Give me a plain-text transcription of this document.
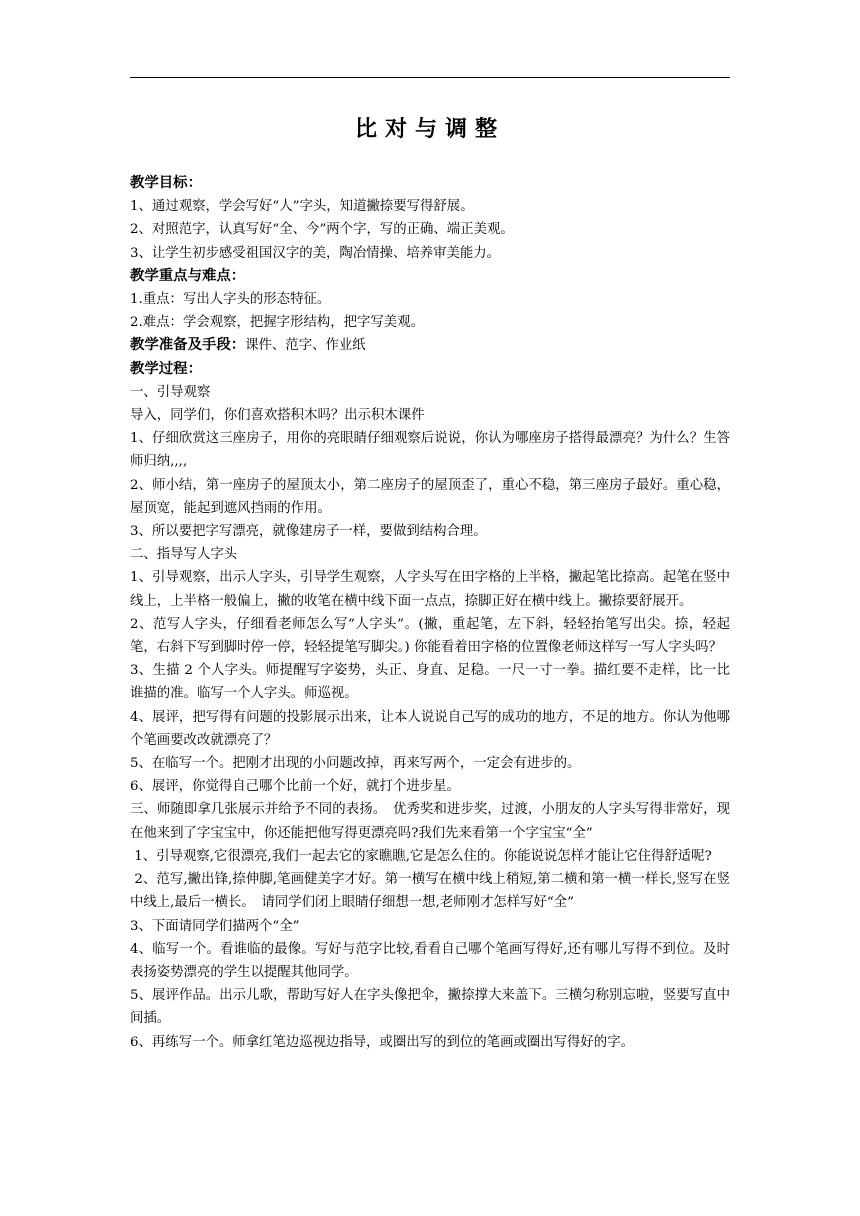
比对与调整

教学目标：

1、通过观察，学会写好“人”字头，知道撇捺要写得舒展。

2、对照范字，认真写好“全、今”两个字，写的正确、端正美观。

3、让学生初步感受祖国汉字的美，陶冶情操、培养审美能力。

教学重点与难点：

1.重点：写出人字头的形态特征。

2.难点：学会观察，把握字形结构，把字写美观。

教学准备及手段：课件、范字、作业纸

教学过程：

一、引导观察

导入，同学们，你们喜欢搭积木吗？出示积木课件

1、仔细欣赏这三座房子，用你的亮眼睛仔细观察后说说，你认为哪座房子搭得最漂亮？为什么？生答　师归纳,,,,

2、师小结，第一座房子的屋顶太小，第二座房子的屋顶歪了，重心不稳，第三座房子最好。重心稳，屋顶宽，能起到遮风挡雨的作用。

3、所以要把字写漂亮，就像建房子一样，要做到结构合理。

二、指导写人字头

1、引导观察，出示人字头，引导学生观察，人字头写在田字格的上半格，撇起笔比捺高。起笔在竖中线上，上半格一般偏上，撇的收笔在横中线下面一点点，捺脚正好在横中线上。撇捺要舒展开。

2、范写人字头，仔细看老师怎么写“人字头”。(撇，重起笔，左下斜，轻轻抬笔写出尖。捺，轻起笔，右斜下写到脚时停一停，轻轻提笔写脚尖。) 你能看着田字格的位置像老师这样写一写人字头吗？

3、生描 2 个人字头。师提醒写字姿势，头正、身直、足稳。一尺一寸一拳。描红要不走样，比一比谁描的准。临写一个人字头。师巡视。

4、展评，把写得有问题的投影展示出来，让本人说说自己写的成功的地方，不足的地方。你认为他哪个笔画要改改就漂亮了？

5、在临写一个。把刚才出现的小问题改掉，再来写两个，一定会有进步的。

6、展评，你觉得自己哪个比前一个好，就打个进步星。

三、师随即拿几张展示并给予不同的表扬。　优秀奖和进步奖，过渡，小朋友的人字头写得非常好，现在他来到了字宝宝中，你还能把他写得更漂亮吗?我们先来看第一个字宝宝“全”

1、引导观察,它很漂亮,我们一起去它的家瞧瞧,它是怎么住的。你能说说怎样才能让它住得舒适呢?

2、范写,撇出锋,捺伸脚,笔画健美字才好。第一横写在横中线上稍短,第二横和第一横一样长,竖写在竖中线上,最后一横长。　请同学们闭上眼睛仔细想一想,老师刚才怎样写好“全”

3、下面请同学们描两个“全”

4、临写一个。看谁临的最像。写好与范字比较,看看自己哪个笔画写得好,还有哪儿写得不到位。及时表扬姿势漂亮的学生以提醒其他同学。

5、展评作品。出示儿歌，帮助写好人在字头像把伞，撇捺撑大来盖下。三横匀称别忘啦，竖要写直中间插。

6、再练写一个。师拿红笔边巡视边指导，或圈出写的到位的笔画或圈出写得好的字。
